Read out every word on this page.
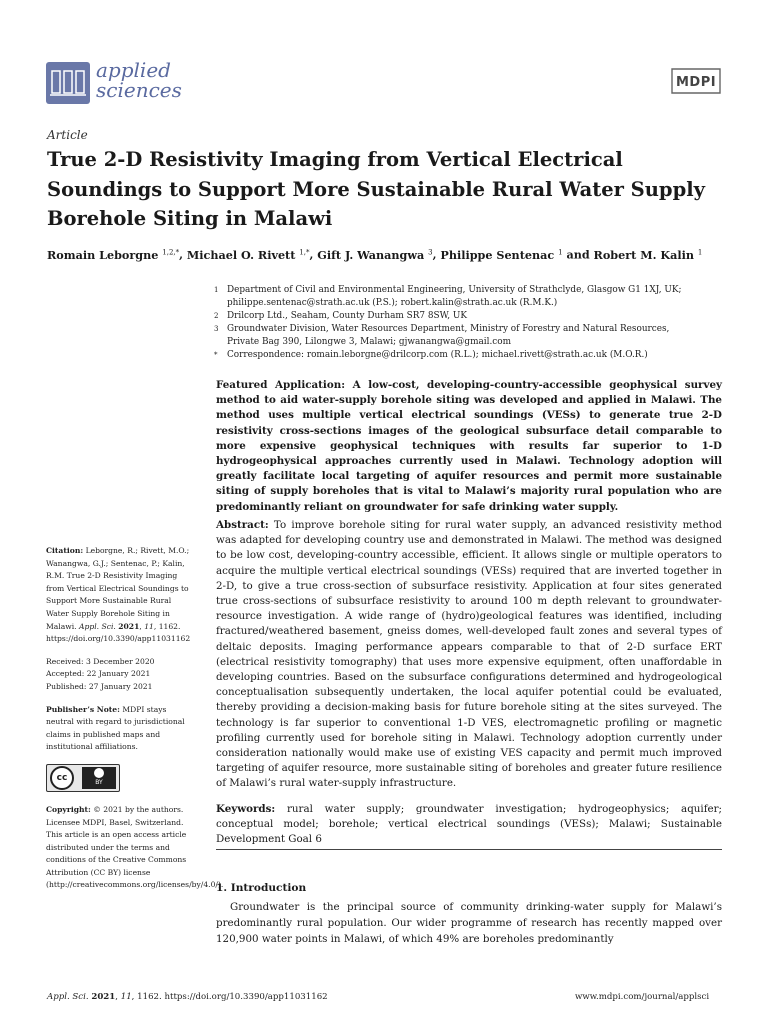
applied
sciences	MDPI
Article
True 2-D Resistivity Imaging from Vertical Electrical Soundings to Support More Sustainable Rural Water Supply Borehole Siting in Malawi
Romain Leborgne $^{1,2,*}$, Michael O. Rivett $^{1,*}$, Gift J. Wanangwa $^3$, Philippe Sentenac $^1$ and Robert M. Kalin $^1$
1 Department of Civil and Environmental Engineering, University of Strathclyde, Glasgow G1 1XJ, UK;
philippe.sentenac@strath.ac.uk (P.S.); robert.kalin@strath.ac.uk (R.M.K.)
2 Drilcorp Ltd., Seaham, County Durham SR7 8SW, UK
3 Groundwater Division, Water Resources Department, Ministry of Forestry and Natural Resources,
Private Bag 390, Lilongwe 3, Malawi; gjwanangwa@gmail.com
*	Correspondence: romain.leborgne@drilcorp.com (R.L.); michael.rivett@strath.ac.uk (M.O.R.)
Featured Application: A low-cost, developing-country-accessible geophysical survey method to aid water-supply borehole siting was developed and applied in Malawi. The method uses multiple vertical electrical soundings (VESs) to generate true 2-D resistivity cross-sections images of the geological subsurface detail comparable to more expensive geophysical techniques with results far superior to 1-D hydrogeophysical approaches currently used in Malawi. Technology adoption will greatly facilitate local targeting of aquifer resources and permit more sustainable siting of supply boreholes that is vital to Malawi’s majority rural population who are predominantly reliant on groundwater for safe drinking water supply.
Abstract: To improve borehole siting for rural water supply, an advanced resistivity method was adapted for developing country use and demonstrated in Malawi. The method was designed to be low cost, developing-country accessible, efficient. It allows single or multiple operators to acquire the multiple vertical electrical soundings (VESs) required that are inverted together in 2-D, to give a true cross-section of subsurface resistivity. Application at four sites generated true cross-sections of subsurface resistivity to around 100 m depth relevant to groundwater-resource investigation. A wide range of (hydro)geological features was identified, including fractured/weathered basement, gneiss domes, well-developed fault zones and several types of deltaic deposits. Imaging performance appears comparable to that of 2-D surface ERT (electrical resistivity tomography) that uses more expensive equipment, often unaffordable in developing countries. Based on the subsurface configurations determined and hydrogeological conceptualisation subsequently undertaken, the local aquifer potential could be evaluated, thereby providing a decision-making basis for future borehole siting at the sites surveyed. The technology is far superior to conventional 1-D VES, electromagnetic profiling or magnetic profiling currently used for borehole siting in Malawi. Technology adoption currently under consideration nationally would make use of existing VES capacity and permit much improved targeting of aquifer resource, more sustainable siting of boreholes and greater future resilience of Malawi’s rural water-supply infrastructure.
Keywords: rural water supply; groundwater investigation; hydrogeophysics; aquifer; conceptual model; borehole; vertical electrical soundings (VESs); Malawi; Sustainable Development Goal 6
1. Introduction
Groundwater is the principal source of community drinking-water supply for Malawi’s predominantly rural population. Our wider programme of research has recently mapped over 120,900 water points in Malawi, of which 49% are boreholes predominantly
Citation: Leborgne, R.; Rivett, M.O.; Wanangwa, G.J.; Sentenac, P.; Kalin, R.M. True 2-D Resistivity Imaging from Vertical Electrical Soundings to Support More Sustainable Rural Water Supply Borehole Siting in Malawi. Appl. Sci. 2021, 11, 1162. https://doi.org/10.3390/app11031162
Received: 3 December 2020
Accepted: 22 January 2021
Published: 27 January 2021
Publisher’s Note: MDPI stays neutral with regard to jurisdictional claims in published maps and institutional affiliations.
cc	BY
Copyright: © 2021 by the authors. Licensee MDPI, Basel, Switzerland. This article is an open access article distributed under the terms and conditions of the Creative Commons Attribution (CC BY) license (http://creativecommons.org/licenses/by/4.0/).
Appl. Sci. 2021, 11, 1162. https://doi.org/10.3390/app11031162	www.mdpi.com/journal/applsci
